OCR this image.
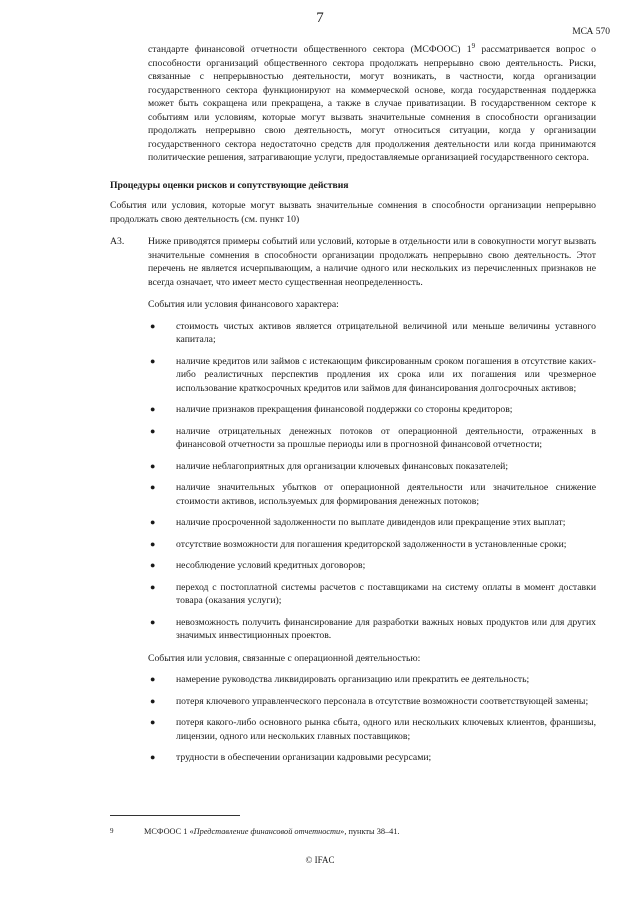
7
МСА 570

стандарте финансовой отчетности общественного сектора (МСФООС) $1^9$ рассматривается вопрос о способности организаций общественного сектора продолжать непрерывно свою деятельность. Риски, связанные с непрерывностью деятельности, могут возникать, в частности, когда организации государственного сектора функционируют на коммерческой основе, когда государственная поддержка может быть сокращена или прекращена, а также в случае приватизации. В государственном секторе к событиям или условиям, которые могут вызвать значительные сомнения в способности организации продолжать непрерывно свою деятельность, могут относиться ситуации, когда у организации государственного сектора недостаточно средств для продолжения деятельности или когда принимаются политические решения, затрагивающие услуги, предоставляемые организацией государственного сектора.

Процедуры оценки рисков и сопутствующие действия

События или условия, которые могут вызвать значительные сомнения в способности организации непрерывно продолжать свою деятельность (см. пункт 10)

A3.	Ниже приводятся примеры событий или условий, которые в отдельности или в совокупности могут вызвать значительные сомнения в способности организации продолжать непрерывно свою деятельность. Этот перечень не является исчерпывающим, а наличие одного или нескольких из перечисленных признаков не всегда означает, что имеет место существенная неопределенность.

События или условия финансового характера:

● стоимость чистых активов является отрицательной величиной или меньше величины уставного капитала;
● наличие кредитов или займов с истекающим фиксированным сроком погашения в отсутствие каких-либо реалистичных перспектив продления их срока или их погашения или чрезмерное использование краткосрочных кредитов или займов для финансирования долгосрочных активов;
● наличие признаков прекращения финансовой поддержки со стороны кредиторов;
● наличие отрицательных денежных потоков от операционной деятельности, отраженных в финансовой отчетности за прошлые периоды или в прогнозной финансовой отчетности;
● наличие неблагоприятных для организации ключевых финансовых показателей;
● наличие значительных убытков от операционной деятельности или значительное снижение стоимости активов, используемых для формирования денежных потоков;
● наличие просроченной задолженности по выплате дивидендов или прекращение этих выплат;
● отсутствие возможности для погашения кредиторской задолженности в установленные сроки;
● несоблюдение условий кредитных договоров;
● переход с постоплатной системы расчетов с поставщиками на систему оплаты в момент доставки товара (оказания услуги);
● невозможность получить финансирование для разработки важных новых продуктов или для других значимых инвестиционных проектов.

События или условия, связанные с операционной деятельностью:

● намерение руководства ликвидировать организацию или прекратить ее деятельность;
● потеря ключевого управленческого персонала в отсутствие возможности соответствующей замены;
● потеря какого-либо основного рынка сбыта, одного или нескольких ключевых клиентов, франшизы, лицензии, одного или нескольких главных поставщиков;
● трудности в обеспечении организации кадровыми ресурсами;
9	МСФООС 1 «Представление финансовой отчетности», пункты 38–41.
© IFAC
